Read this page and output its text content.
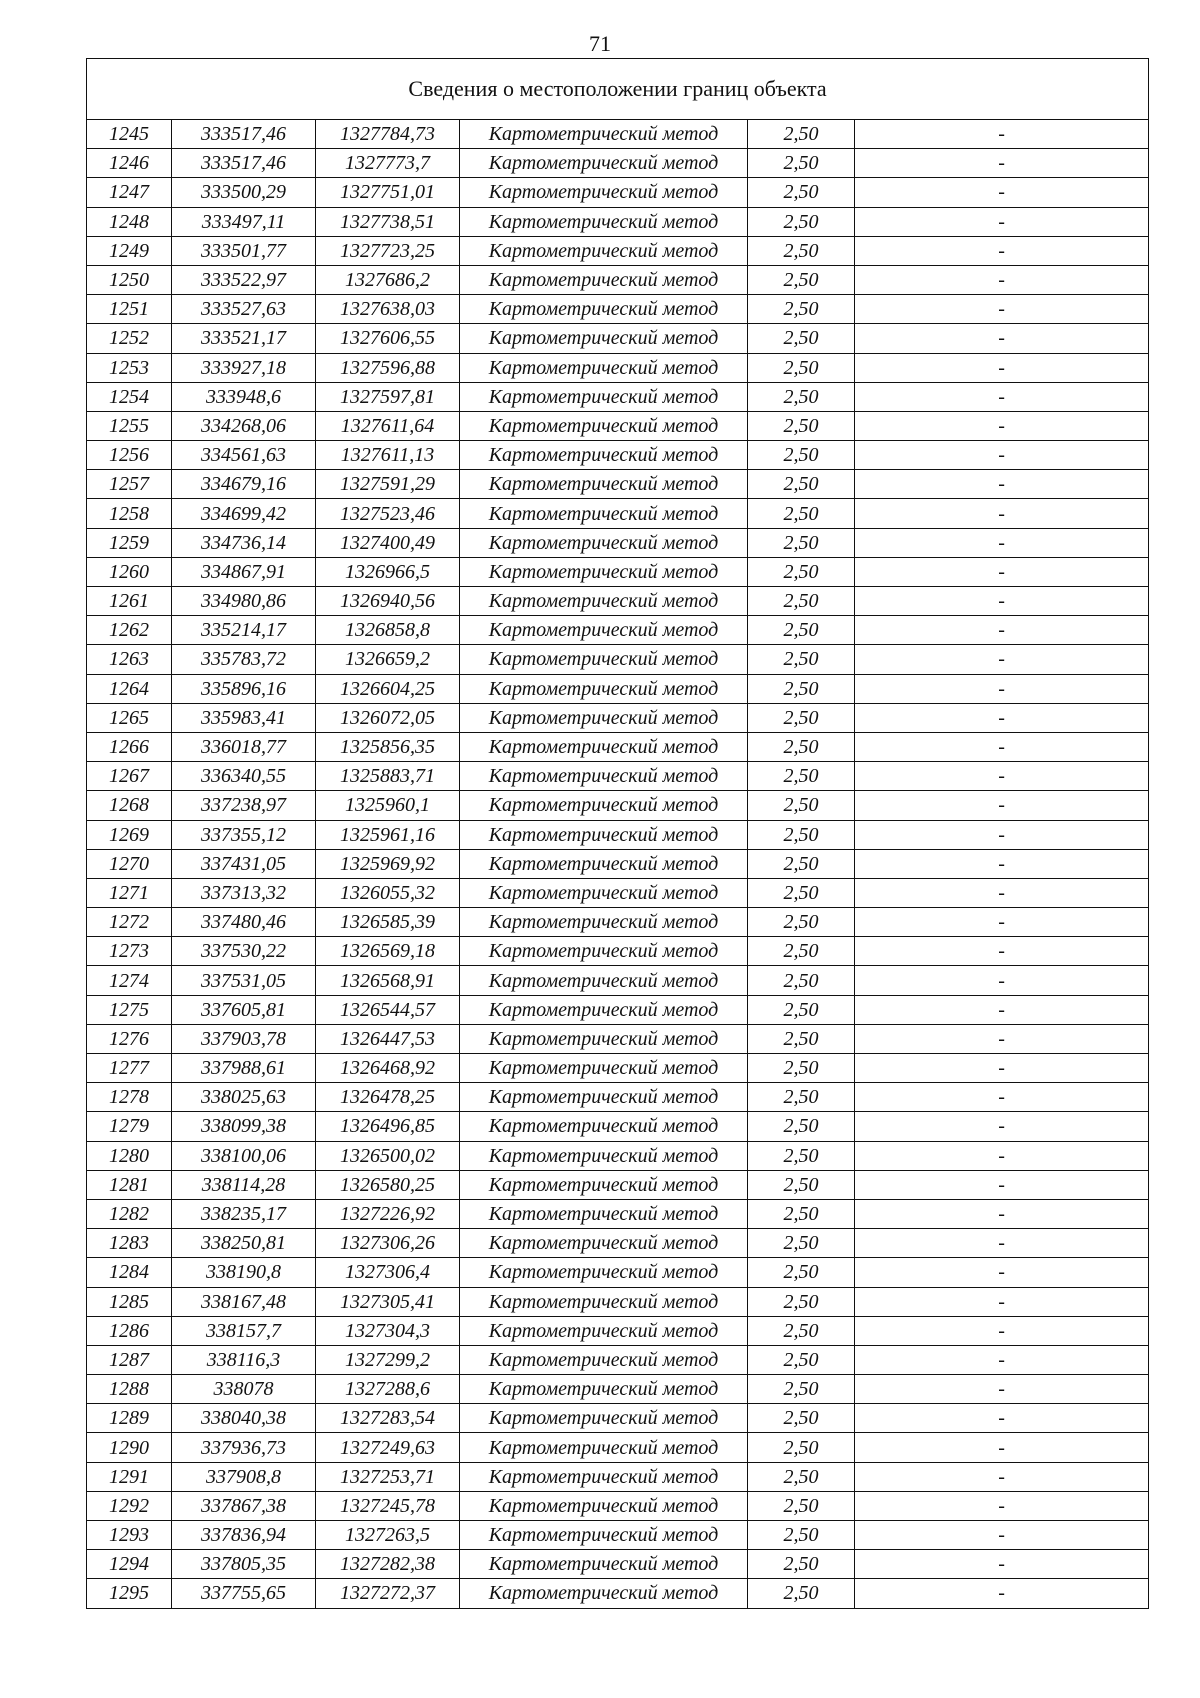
71
Сведения о местоположении границ объекта					
1245	333517,46	1327784,73	Картометрический метод	2,50	-
1246	333517,46	1327773,7	Картометрический метод	2,50	-
1247	333500,29	1327751,01	Картометрический метод	2,50	-
1248	333497,11	1327738,51	Картометрический метод	2,50	-
1249	333501,77	1327723,25	Картометрический метод	2,50	-
1250	333522,97	1327686,2	Картометрический метод	2,50	-
1251	333527,63	1327638,03	Картометрический метод	2,50	-
1252	333521,17	1327606,55	Картометрический метод	2,50	-
1253	333927,18	1327596,88	Картометрический метод	2,50	-
1254	333948,6	1327597,81	Картометрический метод	2,50	-
1255	334268,06	1327611,64	Картометрический метод	2,50	-
1256	334561,63	1327611,13	Картометрический метод	2,50	-
1257	334679,16	1327591,29	Картометрический метод	2,50	-
1258	334699,42	1327523,46	Картометрический метод	2,50	-
1259	334736,14	1327400,49	Картометрический метод	2,50	-
1260	334867,91	1326966,5	Картометрический метод	2,50	-
1261	334980,86	1326940,56	Картометрический метод	2,50	-
1262	335214,17	1326858,8	Картометрический метод	2,50	-
1263	335783,72	1326659,2	Картометрический метод	2,50	-
1264	335896,16	1326604,25	Картометрический метод	2,50	-
1265	335983,41	1326072,05	Картометрический метод	2,50	-
1266	336018,77	1325856,35	Картометрический метод	2,50	-
1267	336340,55	1325883,71	Картометрический метод	2,50	-
1268	337238,97	1325960,1	Картометрический метод	2,50	-
1269	337355,12	1325961,16	Картометрический метод	2,50	-
1270	337431,05	1325969,92	Картометрический метод	2,50	-
1271	337313,32	1326055,32	Картометрический метод	2,50	-
1272	337480,46	1326585,39	Картометрический метод	2,50	-
1273	337530,22	1326569,18	Картометрический метод	2,50	-
1274	337531,05	1326568,91	Картометрический метод	2,50	-
1275	337605,81	1326544,57	Картометрический метод	2,50	-
1276	337903,78	1326447,53	Картометрический метод	2,50	-
1277	337988,61	1326468,92	Картометрический метод	2,50	-
1278	338025,63	1326478,25	Картометрический метод	2,50	-
1279	338099,38	1326496,85	Картометрический метод	2,50	-
1280	338100,06	1326500,02	Картометрический метод	2,50	-
1281	338114,28	1326580,25	Картометрический метод	2,50	-
1282	338235,17	1327226,92	Картометрический метод	2,50	-
1283	338250,81	1327306,26	Картометрический метод	2,50	-
1284	338190,8	1327306,4	Картометрический метод	2,50	-
1285	338167,48	1327305,41	Картометрический метод	2,50	-
1286	338157,7	1327304,3	Картометрический метод	2,50	-
1287	338116,3	1327299,2	Картометрический метод	2,50	-
1288	338078	1327288,6	Картометрический метод	2,50	-
1289	338040,38	1327283,54	Картометрический метод	2,50	-
1290	337936,73	1327249,63	Картометрический метод	2,50	-
1291	337908,8	1327253,71	Картометрический метод	2,50	-
1292	337867,38	1327245,78	Картометрический метод	2,50	-
1293	337836,94	1327263,5	Картометрический метод	2,50	-
1294	337805,35	1327282,38	Картометрический метод	2,50	-
1295	337755,65	1327272,37	Картометрический метод	2,50	-
